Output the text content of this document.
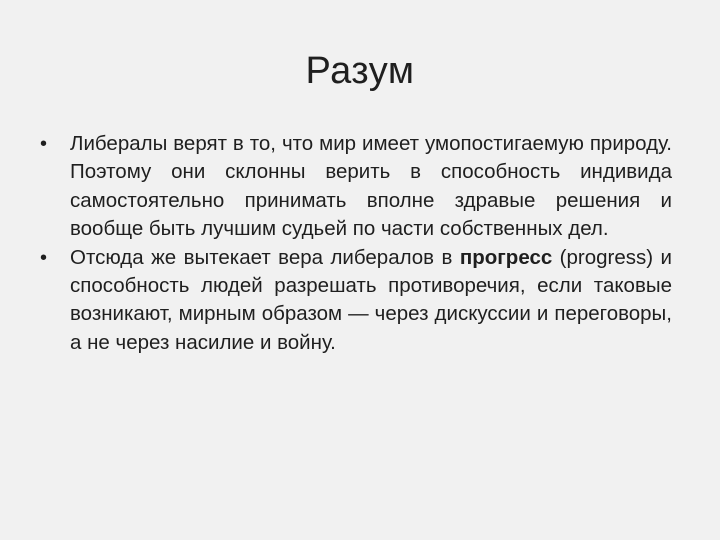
Разум
• Либералы верят в то, что мир имеет умопостигаемую природу. Поэтому они склонны верить в способность индивида самостоятельно принимать вполне здравые решения и вообще быть лучшим судьей по части собственных дел.
• Отсюда же вытекает вера либералов в прогресс (progress) и способность людей разрешать противоречия, если таковые возникают, мирным образом — через дискуссии и переговоры, а не через насилие и войну.
